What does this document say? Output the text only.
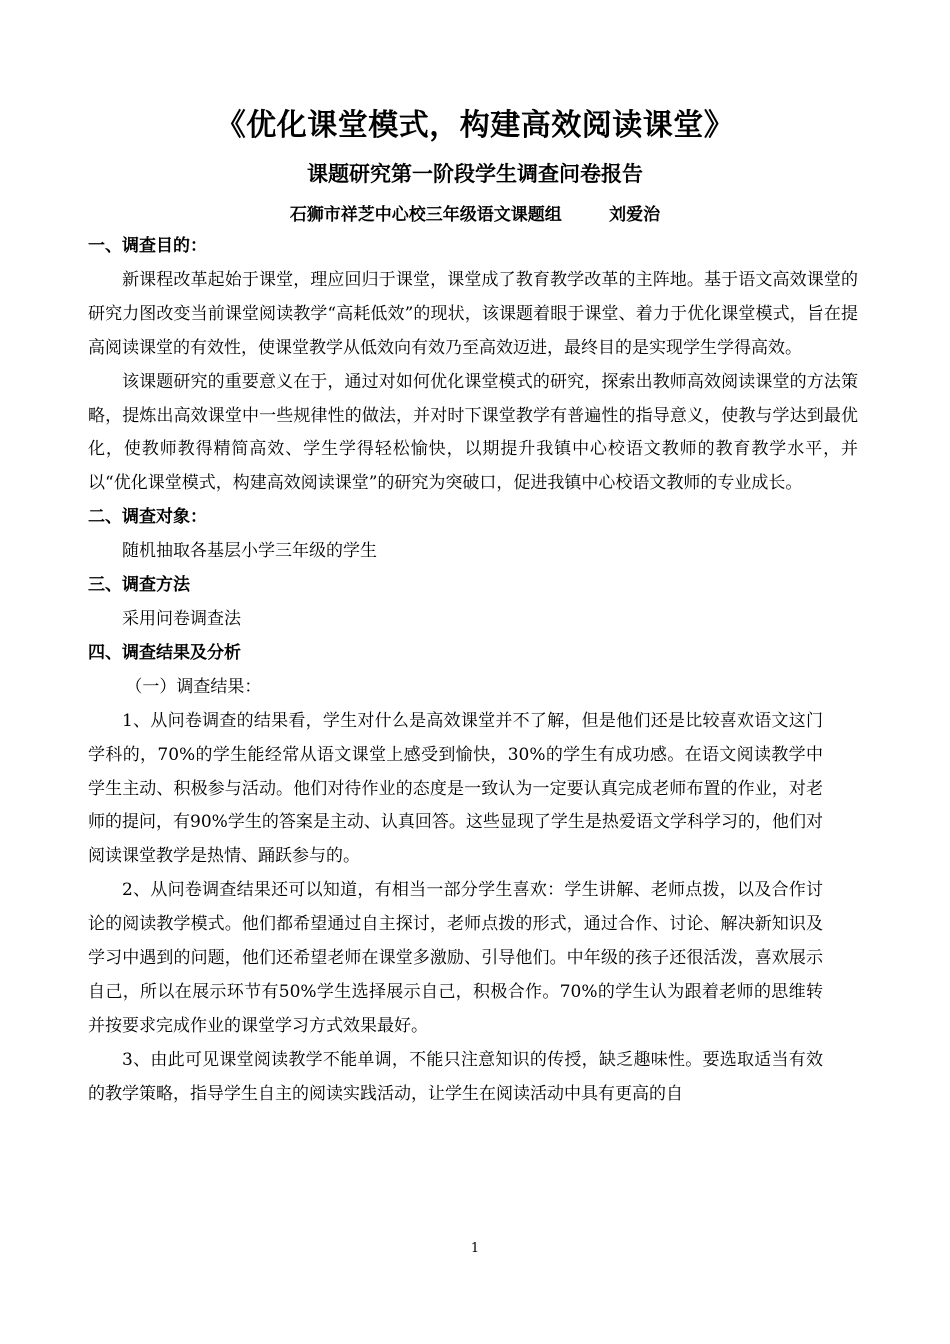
《优化课堂模式，构建高效阅读课堂》
课题研究第一阶段学生调查问卷报告

石狮市祥芝中心校三年级语文课题组        刘爱治

一、调查目的：

新课程改革起始于课堂，理应回归于课堂，课堂成了教育教学改革的主阵地。基于语文高效课堂的研究力图改变当前课堂阅读教学“高耗低效”的现状，该课题着眼于课堂、着力于优化课堂模式，旨在提高阅读课堂的有效性，使课堂教学从低效向有效乃至高效迈进，最终目的是实现学生学得高效。

该课题研究的重要意义在于，通过对如何优化课堂模式的研究，探索出教师高效阅读课堂的方法策略，提炼出高效课堂中一些规律性的做法，并对时下课堂教学有普遍性的指导意义，使教与学达到最优化，使教师教得精简高效、学生学得轻松愉快，以期提升我镇中心校语文教师的教育教学水平，并以“优化课堂模式，构建高效阅读课堂”的研究为突破口，促进我镇中心校语文教师的专业成长。

二、调查对象：

随机抽取各基层小学三年级的学生

三、调查方法

采用问卷调查法

四、调查结果及分析

（一）调查结果：

1、从问卷调查的结果看，学生对什么是高效课堂并不了解，但是他们还是比较喜欢语文这门学科的，70%的学生能经常从语文课堂上感受到愉快，30%的学生有成功感。在语文阅读教学中学生主动、积极参与活动。他们对待作业的态度是一致认为一定要认真完成老师布置的作业，对老师的提问，有90%学生的答案是主动、认真回答。这些显现了学生是热爱语文学科学习的，他们对阅读课堂教学是热情、踊跃参与的。

2、从问卷调查结果还可以知道，有相当一部分学生喜欢：学生讲解、老师点拨，以及合作讨论的阅读教学模式。他们都希望通过自主探讨，老师点拨的形式，通过合作、讨论、解决新知识及学习中遇到的问题，他们还希望老师在课堂多激励、引导他们。中年级的孩子还很活泼，喜欢展示自己，所以在展示环节有50%学生选择展示自己，积极合作。70%的学生认为跟着老师的思维转并按要求完成作业的课堂学习方式效果最好。

3、由此可见课堂阅读教学不能单调，不能只注意知识的传授，缺乏趣味性。要选取适当有效的教学策略，指导学生自主的阅读实践活动，让学生在阅读活动中具有更高的自

1
